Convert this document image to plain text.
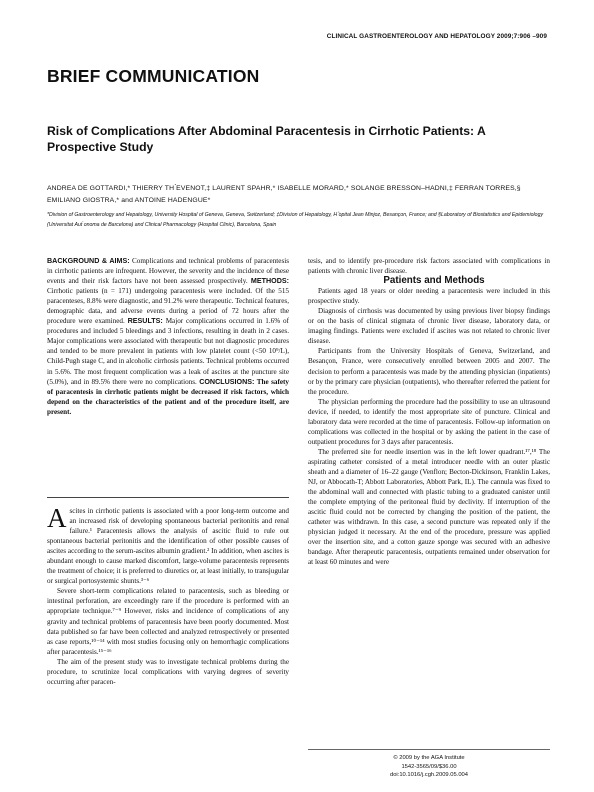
CLINICAL GASTROENTEROLOGY AND HEPATOLOGY 2009;7:906 –909
BRIEF COMMUNICATION
Risk of Complications After Abdominal Paracentesis in Cirrhotic Patients: A Prospective Study
ANDREA DE GOTTARDI,* THIERRY TH ́EVENOT,‡ LAURENT SPAHR,* ISABELLE MORARD,* SOLANGE BRESSON–HADNI,‡ FERRAN TORRES,§ EMILIANO GIOSTRA,* and ANTOINE HADENGUE*
*Division of Gastroenterology and Hepatology, University Hospital of Geneva, Geneva, Switzerland; ‡Division of Hepatology, H ̂opital Jean Minjoz, Besançon, France; and §Laboratory of Biostatistics and Epidemiology (Universitat Aut ̀onoma de Barcelona) and Clinical Pharmacology (Hospital Clinic), Barcelona, Spain

BACKGROUND & AIMS: Complications and technical problems of paracentesis in cirrhotic patients are infrequent. However, the severity and the incidence of these events and their risk factors have not been assessed prospectively. METHODS: Cirrhotic patients (n = 171) undergoing paracentesis were included. Of the 515 paracenteses, 8.8% were diagnostic, and 91.2% were therapeutic. Technical features, demographic data, and adverse events during a period of 72 hours after the procedure were examined. RESULTS: Major complications occurred in 1.6% of procedures and included 5 bleedings and 3 infections, resulting in death in 2 cases. Major complications were associated with therapeutic but not diagnostic procedures and tended to be more prevalent in patients with low platelet count (<50 10⁹/L), Child-Pugh stage C, and in alcoholic cirrhosis patients. Technical problems occurred in 5.6%. The most frequent complication was a leak of ascites at the puncture site (5.0%), and in 89.5% there were no complications. CONCLUSIONS: The safety of paracentesis in cirrhotic patients might be decreased if risk factors, which depend on the characteristics of the patient and of the procedure itself, are present.

Ascites in cirrhotic patients is associated with a poor long-term outcome and an increased risk of developing spontaneous bacterial peritonitis and renal failure.¹ Paracentesis allows the analysis of ascitic fluid to rule out spontaneous bacterial peritonitis and the identification of other possible causes of ascites according to the serum-ascites albumin gradient.² In addition, when ascites is abundant enough to cause marked discomfort, large-volume paracentesis represents the treatment of choice; it is preferred to diuretics or, at least initially, to transjugular or surgical portosystemic shunts.³⁻⁶

Severe short-term complications related to paracentesis, such as bleeding or intestinal perforation, are exceedingly rare if the procedure is performed with an appropriate technique.⁷⁻⁹ However, risks and incidence of complications of any gravity and technical problems of paracentesis have been poorly documented. Most data published so far have been collected and analyzed retrospectively or presented as case reports,¹⁰⁻¹⁴ with most studies focusing only on hemorrhagic complications after paracentesis.¹⁵⁻¹⁶

The aim of the present study was to investigate technical problems during the procedure, to scrutinize local complications with varying degrees of severity occurring after paracen-

tesis, and to identify pre-procedure risk factors associated with complications in patients with chronic liver disease.

Patients and Methods

Patients aged 18 years or older needing a paracentesis were included in this prospective study.

Diagnosis of cirrhosis was documented by using previous liver biopsy findings or on the basis of clinical stigmata of chronic liver disease, laboratory data, or imaging findings. Patients were excluded if ascites was not related to chronic liver disease.

Participants from the University Hospitals of Geneva, Switzerland, and Besançon, France, were consecutively enrolled between 2005 and 2007. The decision to perform a paracentesis was made by the attending physician (inpatients) or by the primary care physician (outpatients), who thereafter referred the patient for the procedure.

The physician performing the procedure had the possibility to use an ultrasound device, if needed, to identify the most appropriate site of puncture. Clinical and laboratory data were recorded at the time of paracentesis. Follow-up information on complications was collected in the hospital or by asking the patient in the case of outpatient procedures for 3 days after paracentesis.

The preferred site for needle insertion was in the left lower quadrant.¹⁷,¹⁸ The aspirating catheter consisted of a metal introducer needle with an outer plastic sheath and a diameter of 16–22 gauge (Venflon; Becton-Dickinson, Franklin Lakes, NJ, or Abbocath-T; Abbott Laboratories, Abbott Park, IL). The cannula was fixed to the abdominal wall and connected with plastic tubing to a graduated canister until the complete emptying of the peritoneal fluid by declivity. If interruption of the ascitic fluid could not be corrected by changing the position of the patient, the catheter was withdrawn. In this case, a second puncture was repeated only if the physician judged it necessary. At the end of the procedure, pressure was applied over the insertion site, and a cotton gauze sponge was secured with an adhesive bandage. After therapeutic paracentesis, outpatients remained under observation for at least 60 minutes and were

© 2009 by the AGA Institute
1542-3565/09/$36.00
doi:10.1016/j.cgh.2009.05.004
